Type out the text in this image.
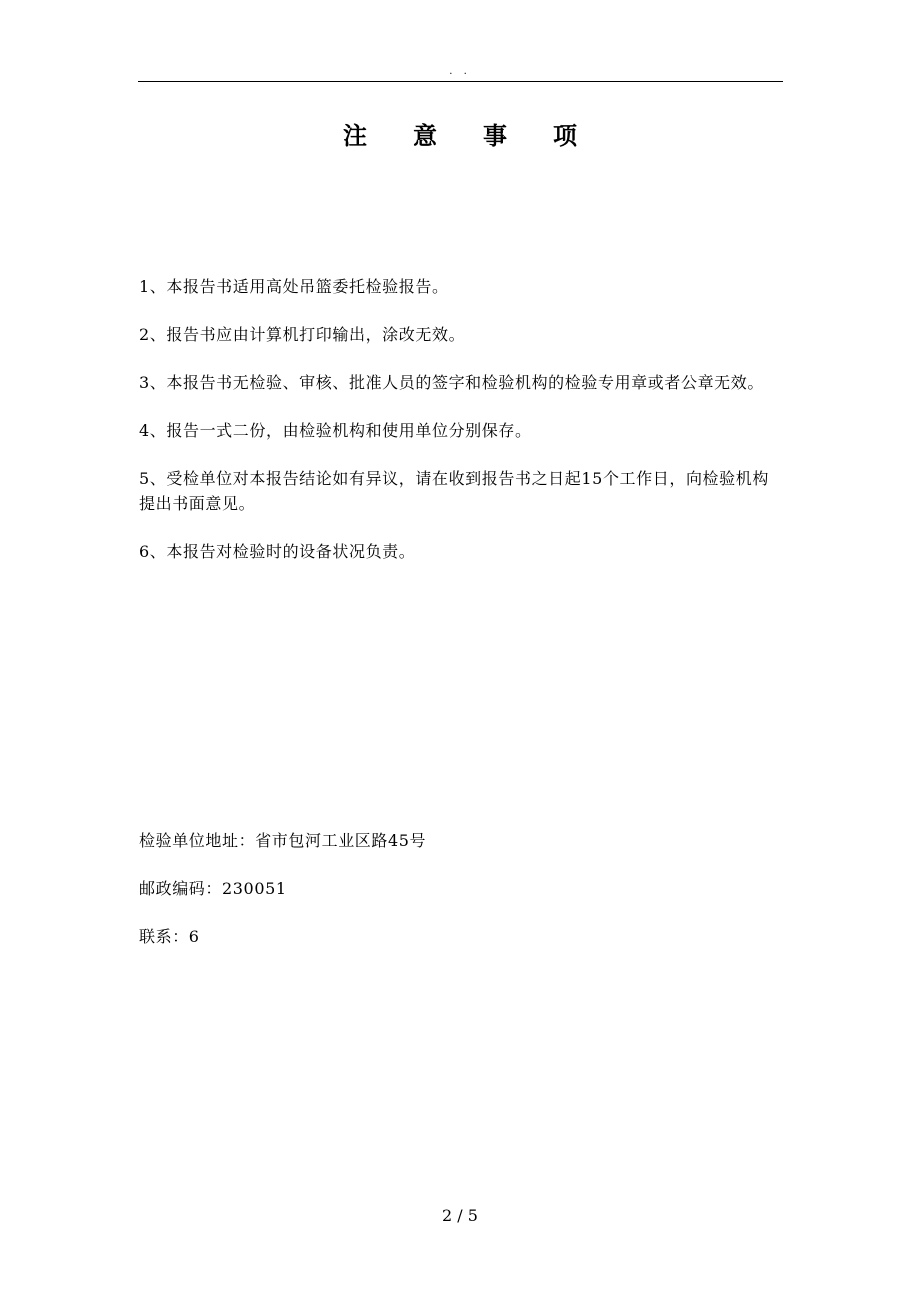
. .
注 意 事 项
1、本报告书适用高处吊篮委托检验报告。
2、报告书应由计算机打印输出，涂改无效。
3、本报告书无检验、审核、批准人员的签字和检验机构的检验专用章或者公章无效。
4、报告一式二份，由检验机构和使用单位分别保存。
5、受检单位对本报告结论如有异议，请在收到报告书之日起15个工作日，向检验机构提出书面意见。
6、本报告对检验时的设备状况负责。
检验单位地址：省市包河工业区路45号
邮政编码：230051
联系：6
2 / 5
